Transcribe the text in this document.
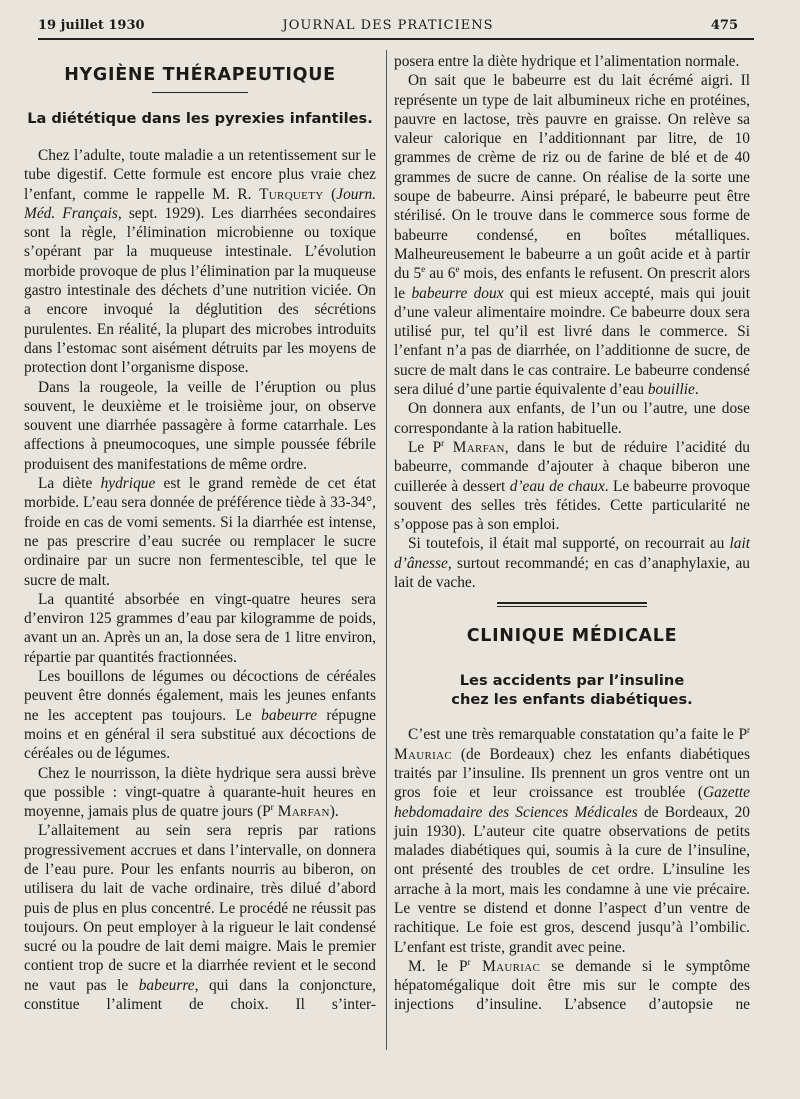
19 juillet 1930	JOURNAL DES PRATICIENS	475
HYGIÈNE THÉRAPEUTIQUE
La diététique dans les pyrexies infantiles.

Chez l’adulte, toute maladie a un retentissement sur le tube digestif. Cette formule est encore plus vraie chez l’enfant, comme le rappelle M. R. Turquety (Journ. Méd. Français, sept. 1929). Les diarrhées secondaires sont la règle, l’élimination microbienne ou toxique s’opérant par la muqueuse intestinale. L’évolution morbide provoque de plus l’élimination par la muqueuse gastro intestinale des déchets d’une nutrition viciée. On a encore invoqué la déglutition des sécrétions purulentes. En réalité, la plupart des microbes introduits dans l’estomac sont aisément détruits par les moyens de protection dont l’organisme dispose.

Dans la rougeole, la veille de l’éruption ou plus souvent, le deuxième et le troisième jour, on observe souvent une diarrhée passagère à forme catarrhale. Les affections à pneumocoques, une simple poussée fébrile produisent des manifestations de même ordre.

La diète hydrique est le grand remède de cet état morbide. L’eau sera donnée de préférence tiède à 33-34°, froide en cas de vomi sements. Si la diarrhée est intense, ne pas prescrire d’eau sucrée ou remplacer le sucre ordinaire par un sucre non fermentescible, tel que le sucre de malt.

La quantité absorbée en vingt-quatre heures sera d’environ 125 grammes d’eau par kilogramme de poids, avant un an. Après un an, la dose sera de 1 litre environ, répartie par quantités fractionnées.

Les bouillons de légumes ou décoctions de céréales peuvent être donnés également, mais les jeunes enfants ne les acceptent pas toujours. Le babeurre répugne moins et en général il sera substitué aux décoctions de céréales ou de légumes.

Chez le nourrisson, la diète hydrique sera aussi brève que possible : vingt-quatre à quarante-huit heures en moyenne, jamais plus de quatre jours ($P^r$ Marfan).

L’allaitement au sein sera repris par rations progressivement accrues et dans l’intervalle, on donnera de l’eau pure. Pour les enfants nourris au biberon, on utilisera du lait de vache ordinaire, très dilué d’abord puis de plus en plus concentré. Le procédé ne réussit pas toujours. On peut employer à la rigueur le lait condensé sucré ou la poudre de lait demi maigre. Mais le premier contient trop de sucre et la diarrhée revient et le second ne vaut pas le babeurre, qui dans la conjoncture, constitue l’aliment de choix. Il s’inter-

posera entre la diète hydrique et l’alimentation normale.

On sait que le babeurre est du lait écrémé aigri. Il représente un type de lait albumineux riche en protéines, pauvre en lactose, très pauvre en graisse. On relève sa valeur calorique en l’additionnant par litre, de 10 grammes de crème de riz ou de farine de blé et de 40 grammes de sucre de canne. On réalise de la sorte une soupe de babeurre. Ainsi préparé, le babeurre peut être stérilisé. On le trouve dans le commerce sous forme de babeurre condensé, en boîtes métalliques. Malheureusement le babeurre a un goût acide et à partir du 5e au 6e mois, des enfants le refusent. On prescrit alors le babeurre doux qui est mieux accepté, mais qui jouit d’une valeur alimentaire moindre. Ce babeurre doux sera utilisé pur, tel qu’il est livré dans le commerce. Si l’enfant n’a pas de diarrhée, on l’additionne de sucre, de sucre de malt dans le cas contraire. Le babeurre condensé sera dilué d’une partie équivalente d’eau bouillie.

On donnera aux enfants, de l’un ou l’autre, une dose correspondante à la ration habituelle.

Le $P^r$ Marfan, dans le but de réduire l’acidité du babeurre, commande d’ajouter à chaque biberon une cuillerée à dessert d’eau de chaux. Le babeurre provoque souvent des selles très fétides. Cette particularité ne s’oppose pas à son emploi.

Si toutefois, il était mal supporté, on recourrait au lait d’ânesse, surtout recommandé; en cas d’anaphylaxie, au lait de vache.

CLINIQUE MÉDICALE
Les accidents par l’insuline
chez les enfants diabétiques.

C’est une très remarquable constatation qu’a faite le $P^r$ Mauriac (de Bordeaux) chez les enfants diabétiques traités par l’insuline. Ils prennent un gros ventre ont un gros foie et leur croissance est troublée (Gazette hebdomadaire des Sciences Médicales de Bordeaux, 20 juin 1930). L’auteur cite quatre observations de petits malades diabétiques qui, soumis à la cure de l’insuline, ont présenté des troubles de cet ordre. L’insuline les arrache à la mort, mais les condamne à une vie précaire. Le ventre se distend et donne l’aspect d’un ventre de rachitique. Le foie est gros, descend jusqu’à l’ombilic. L’enfant est triste, grandit avec peine.

M. le $P^r$ Mauriac se demande si le symptôme hépatomégalique doit être mis sur le compte des injections d’insuline. L’absence d’autopsie ne
